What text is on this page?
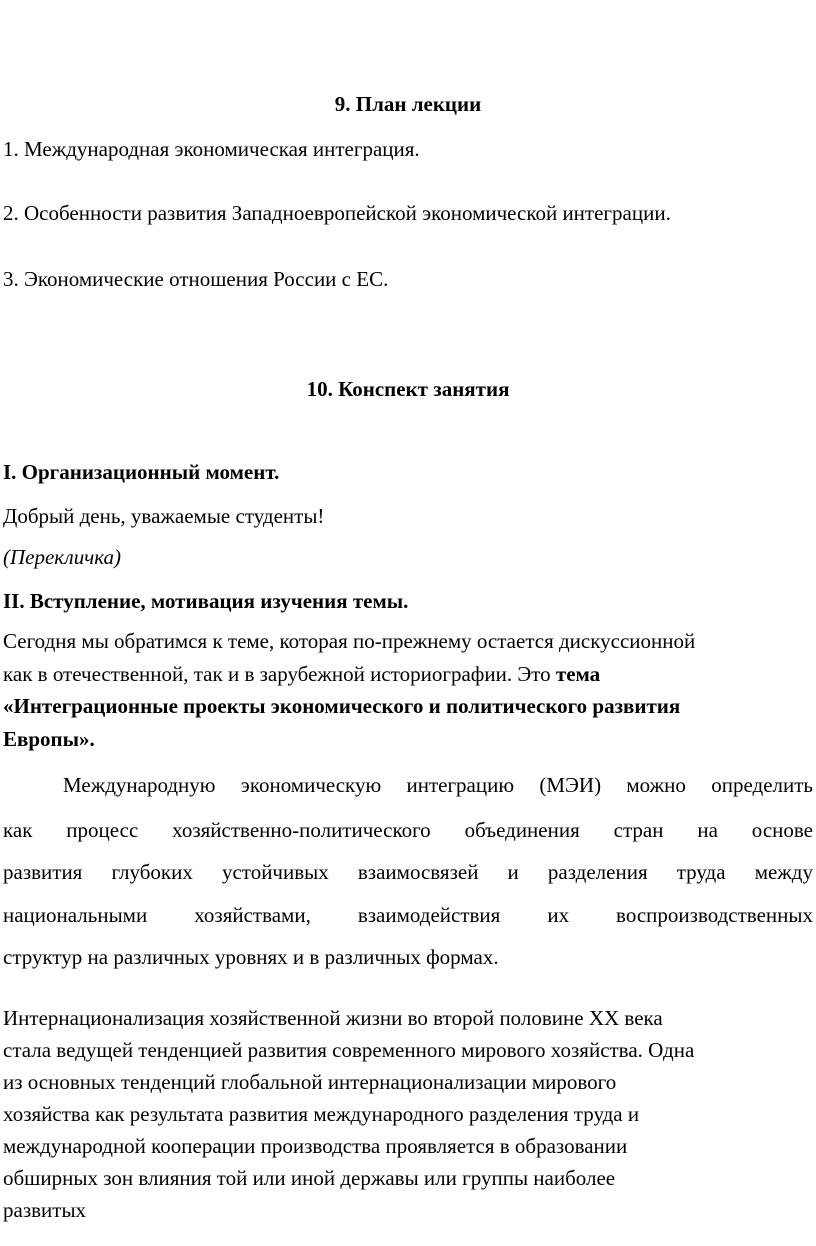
9. План лекции
1. Международная экономическая интеграция.
2. Особенности развития Западноевропейской экономической интеграции.
3. Экономические отношения России с ЕС.
10. Конспект занятия
I. Организационный момент.
Добрый день, уважаемые студенты!
(Перекличка)
II. Вступление, мотивация изучения темы.
Сегодня мы обратимся к теме, которая по-прежнему остается дискуссионной
как в отечественной, так и в зарубежной историографии. Это тема
«Интеграционные проекты экономического и политического развития
Европы».
Международную экономическую интеграцию (МЭИ) можно определить
как процесс хозяйственно-политического объединения стран на основе
развития глубоких устойчивых взаимосвязей и разделения труда между
национальными хозяйствами, взаимодействия их воспроизводственных
структур на различных уровнях и в различных формах.
Интернационализация хозяйственной жизни во второй половине XX века
стала ведущей тенденцией развития современного мирового хозяйства. Одна
из основных тенденций глобальной интернационализации мирового
хозяйства как результата развития международного разделения труда и
международной кооперации производства проявляется в образовании
обширных зон влияния той или иной державы или группы наиболее
развитых
